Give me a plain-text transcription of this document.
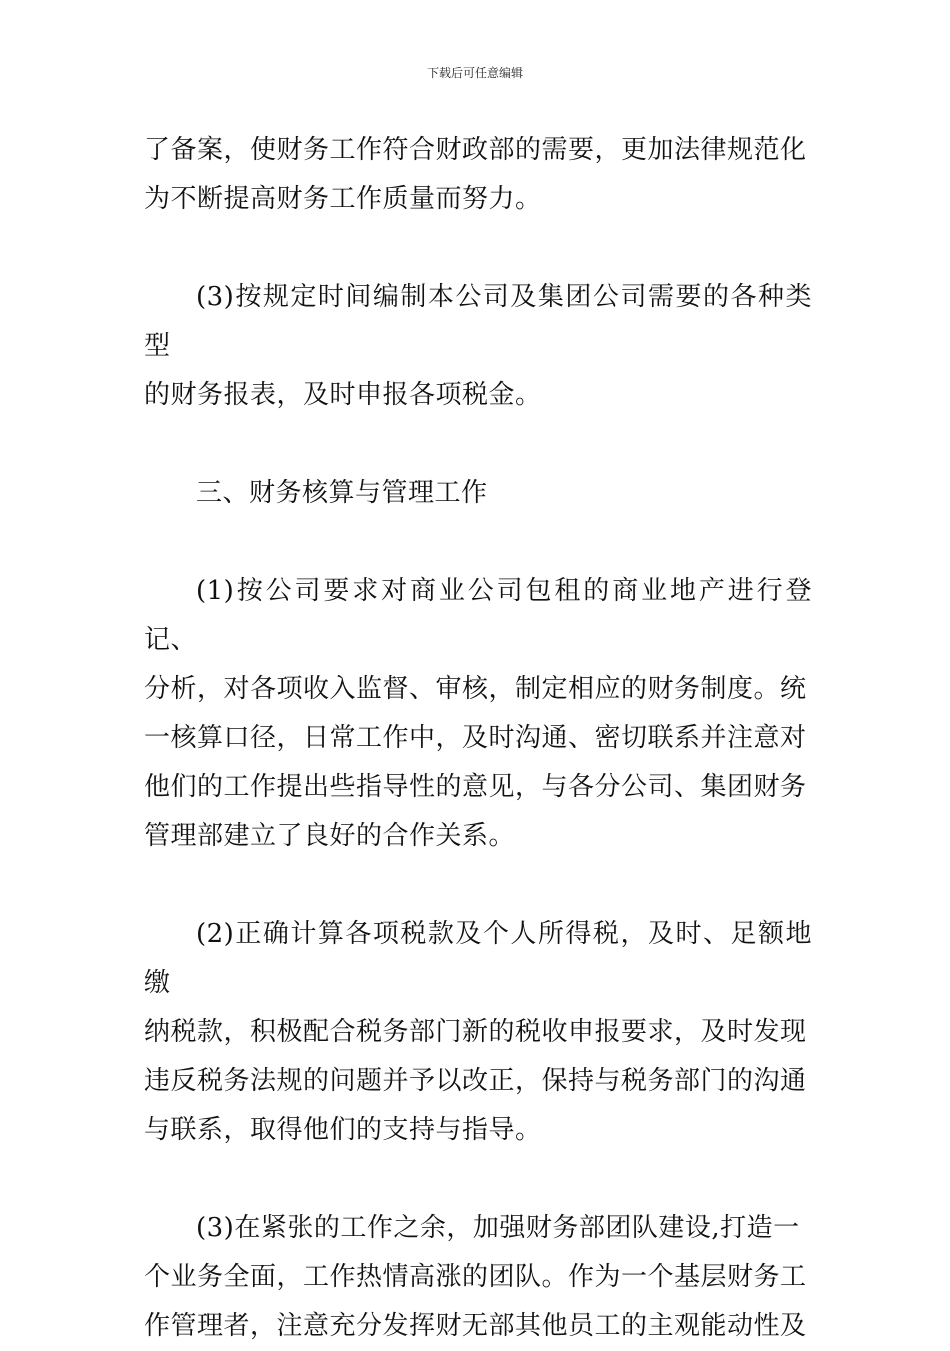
下载后可任意编辑
了备案，使财务工作符合财政部的需要，更加法律规范化
为不断提高财务工作质量而努力。
(3)按规定时间编制本公司及集团公司需要的各种类型
的财务报表，及时申报各项税金。
三、财务核算与管理工作
(1)按公司要求对商业公司包租的商业地产进行登记、
分析，对各项收入监督、审核，制定相应的财务制度。统
一核算口径，日常工作中，及时沟通、密切联系并注意对
他们的工作提出些指导性的意见，与各分公司、集团财务
管理部建立了良好的合作关系。
(2)正确计算各项税款及个人所得税，及时、足额地缴
纳税款，积极配合税务部门新的税收申报要求，及时发现
违反税务法规的问题并予以改正，保持与税务部门的沟通
与联系，取得他们的支持与指导。
(3)在紧张的工作之余，加强财务部团队建设,打造一
个业务全面，工作热情高涨的团队。作为一个基层财务工
作管理者，注意充分发挥财无部其他员工的主观能动性及
